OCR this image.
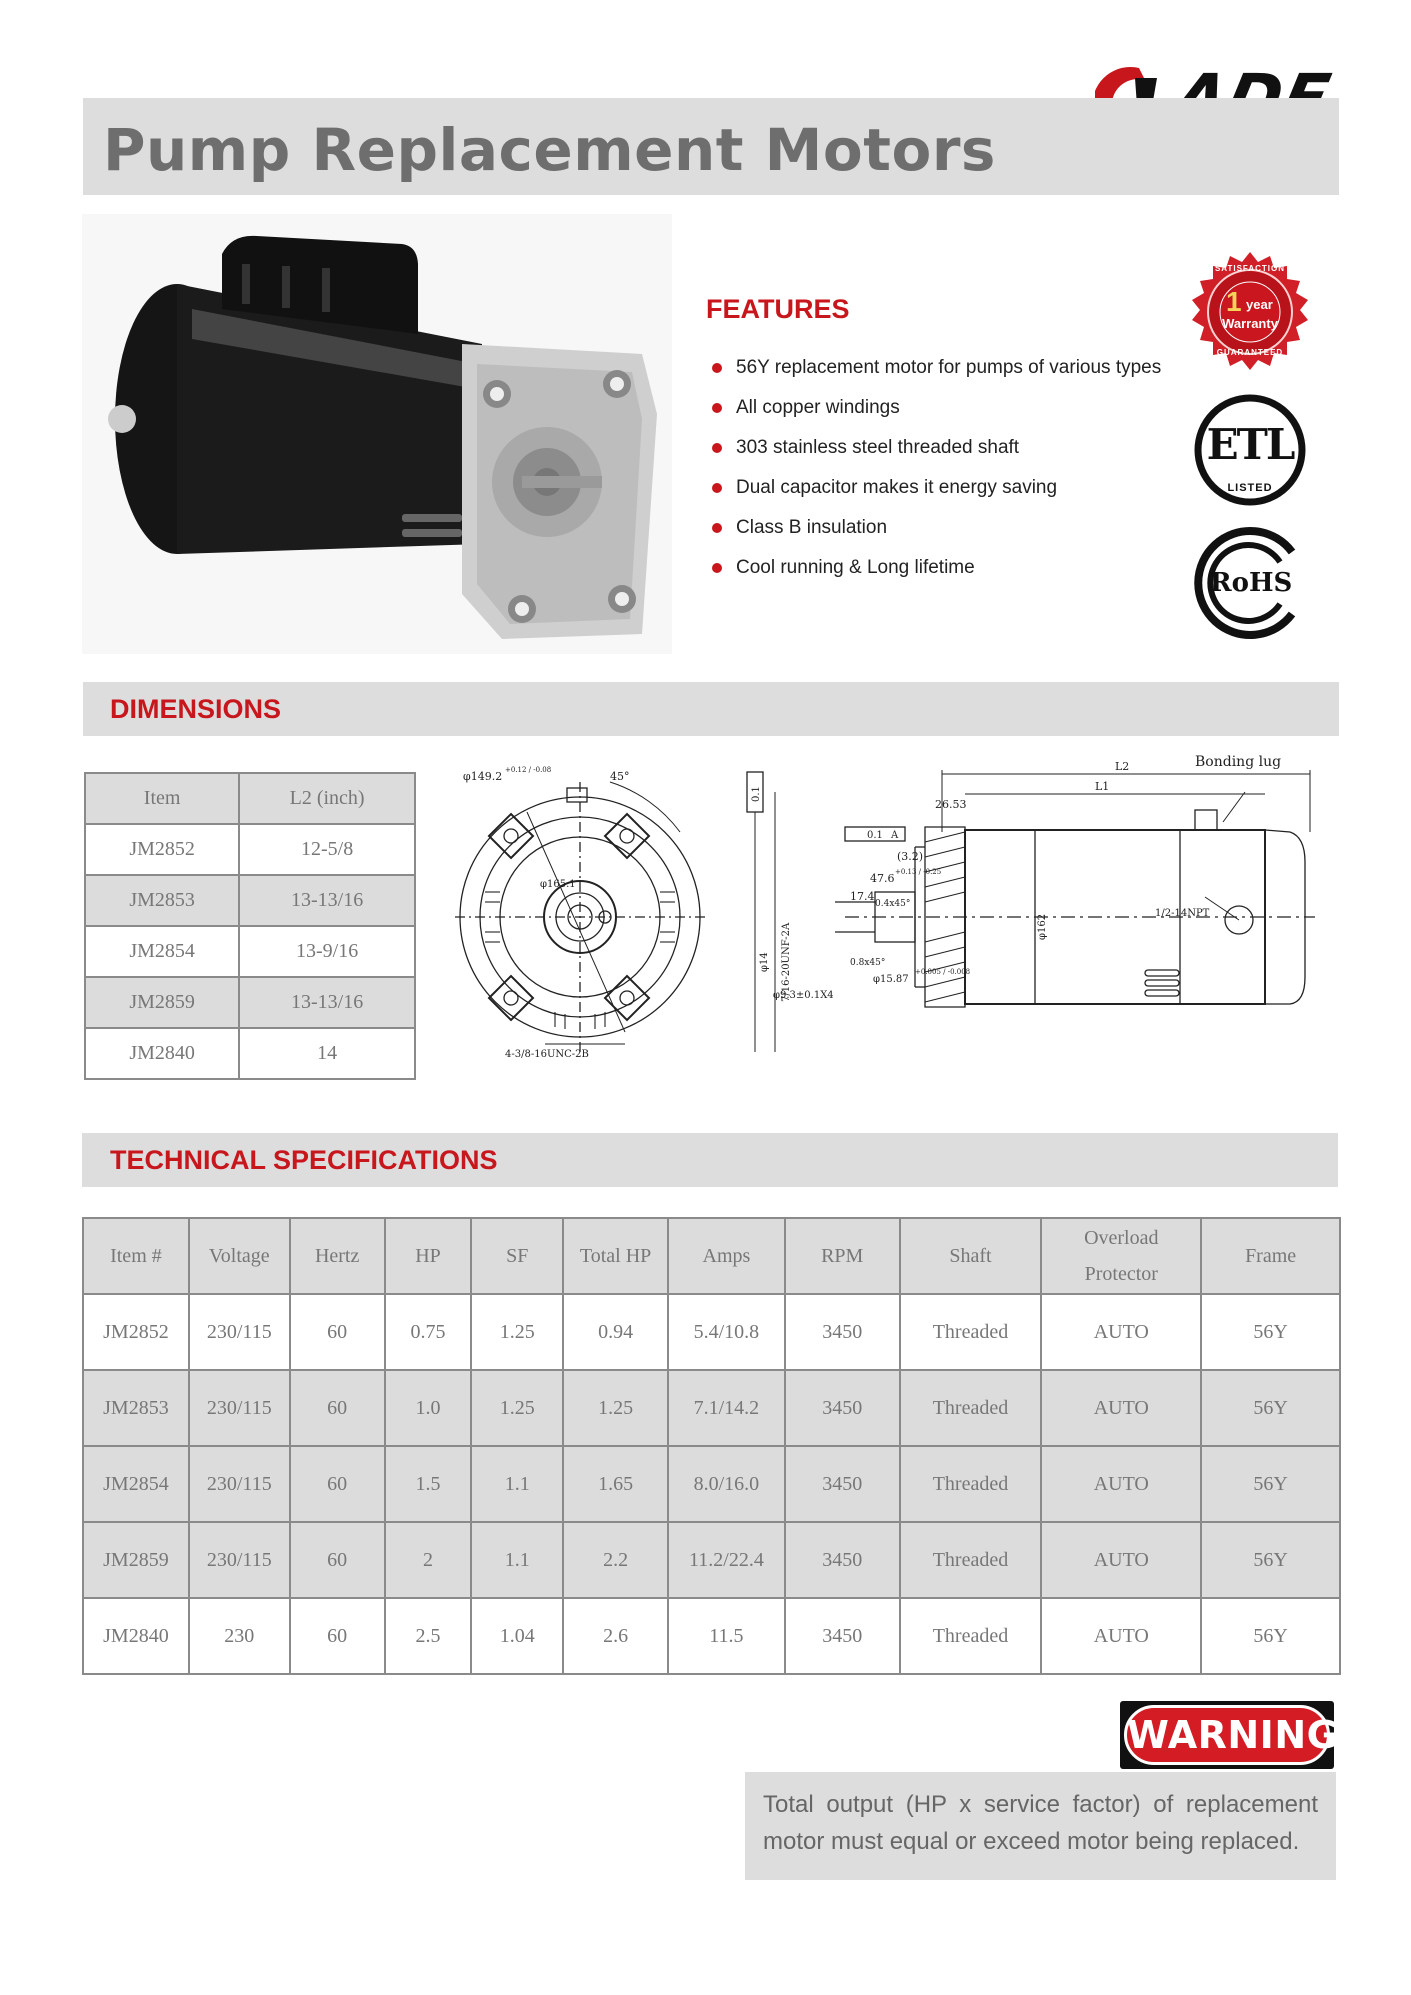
Pump Replacement Motors
FEATURES
56Y replacement motor for pumps of various types
All copper windings
303 stainless steel threaded shaft
Dual capacitor makes it energy saving
Class B insulation
Cool running & Long lifetime
SATISFACTION
1 year
Warranty
GUARANTEED
ETL
LISTED
RoHS
DIMENSIONS
Item	L2 (inch)
JM2852	12-5/8
JM2853	13-13/16
JM2854	13-9/16
JM2859	13-13/16
JM2840	14
φ149.2 +0.12 / -0.08	45°
φ165.1
4-3/8-16UNC-2B
Bonding lug
L2
L1
26.53
(3.2)
47.6 +0.13 / -0.25
17.4
0.4x45°
0.8x45°
7/16-20UNF-2A
φ14
φ15.87
+0.005 / -0.008
φ9.3±0.1X4
φ162
1/2-14NPT
0.1 A
0.1
TECHNICAL SPECIFICATIONS
Item #	Voltage	Hertz	HP	SF	Total HP	Amps	RPM	Shaft	Overload Protector	Frame
JM2852	230/115	60	0.75	1.25	0.94	5.4/10.8	3450	Threaded	AUTO	56Y
JM2853	230/115	60	1.0	1.25	1.25	7.1/14.2	3450	Threaded	AUTO	56Y
JM2854	230/115	60	1.5	1.1	1.65	8.0/16.0	3450	Threaded	AUTO	56Y
JM2859	230/115	60	2	1.1	2.2	11.2/22.4	3450	Threaded	AUTO	56Y
JM2840	230	60	2.5	1.04	2.6	11.5	3450	Threaded	AUTO	56Y
WARNING
Total output (HP x service factor) of replacement motor must equal or exceed motor being replaced.
